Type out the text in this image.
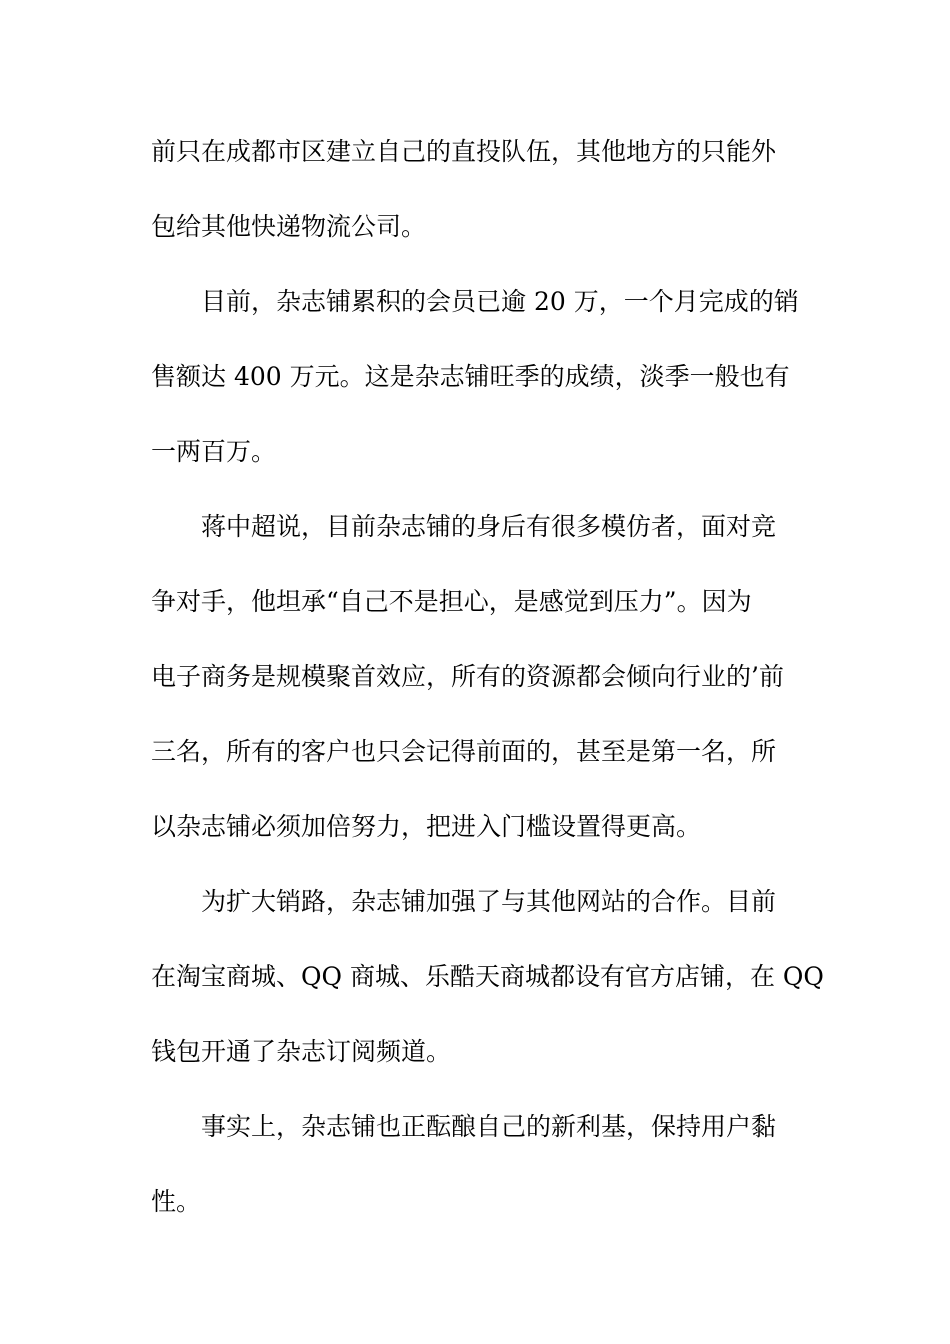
前只在成都市区建立自己的直投队伍，其他地方的只能外
包给其他快递物流公司。
目前，杂志铺累积的会员已逾 20 万，一个月完成的销
售额达 400 万元。这是杂志铺旺季的成绩，淡季一般也有
一两百万。
蒋中超说，目前杂志铺的身后有很多模仿者，面对竞
争对手，他坦承“自己不是担心，是感觉到压力”。因为
电子商务是规模聚首效应，所有的资源都会倾向行业的’前
三名，所有的客户也只会记得前面的，甚至是第一名，所
以杂志铺必须加倍努力，把进入门槛设置得更高。
为扩大销路，杂志铺加强了与其他网站的合作。目前
在淘宝商城、QQ 商城、乐酷天商城都设有官方店铺，在 QQ
钱包开通了杂志订阅频道。
事实上，杂志铺也正酝酿自己的新利基，保持用户黏
性。
